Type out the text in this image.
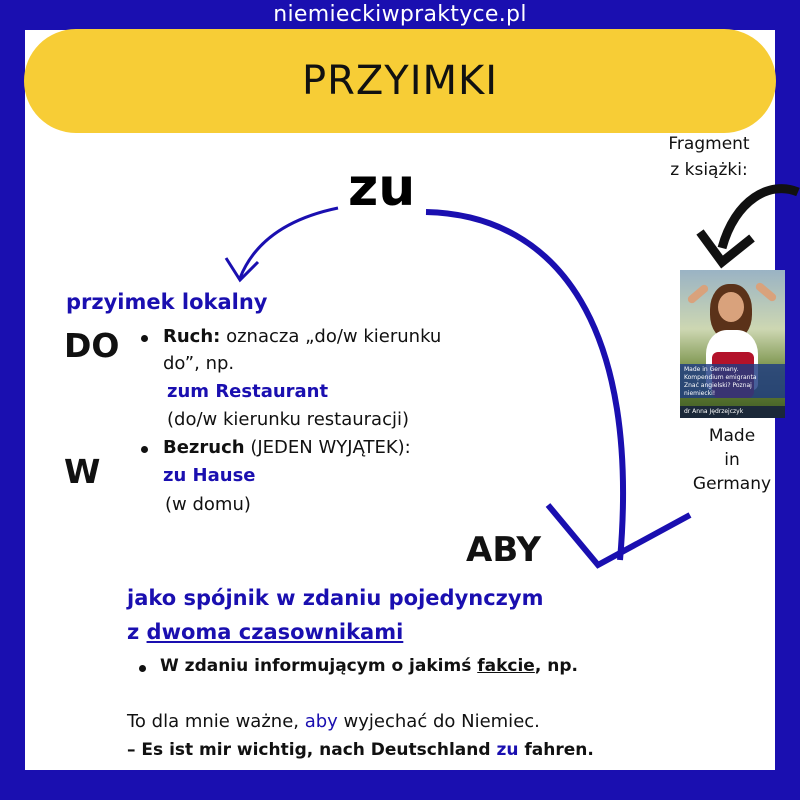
niemieckiwpraktyce.pl
PRZYIMKI
zu
Fragment
z książki:
Made in Germany.
Kompendium emigranta
Znać angielski? Poznaj niemiecki!
dr Anna Jędrzejczyk
Made
in
Germany
przyimek lokalny
DO
W
Ruch: oznacza „do/w kierunku
do”, np.
zum Restaurant
(do/w kierunku restauracji)
Bezruch (JEDEN WYJĄTEK):
zu Hause
(w domu)
ABY
jako spójnik w zdaniu pojedynczym
z dwoma czasownikami
W zdaniu informującym o jakimś fakcie, np.
To dla mnie ważne, aby wyjechać do Niemiec.
– Es ist mir wichtig, nach Deutschland zu fahren.
